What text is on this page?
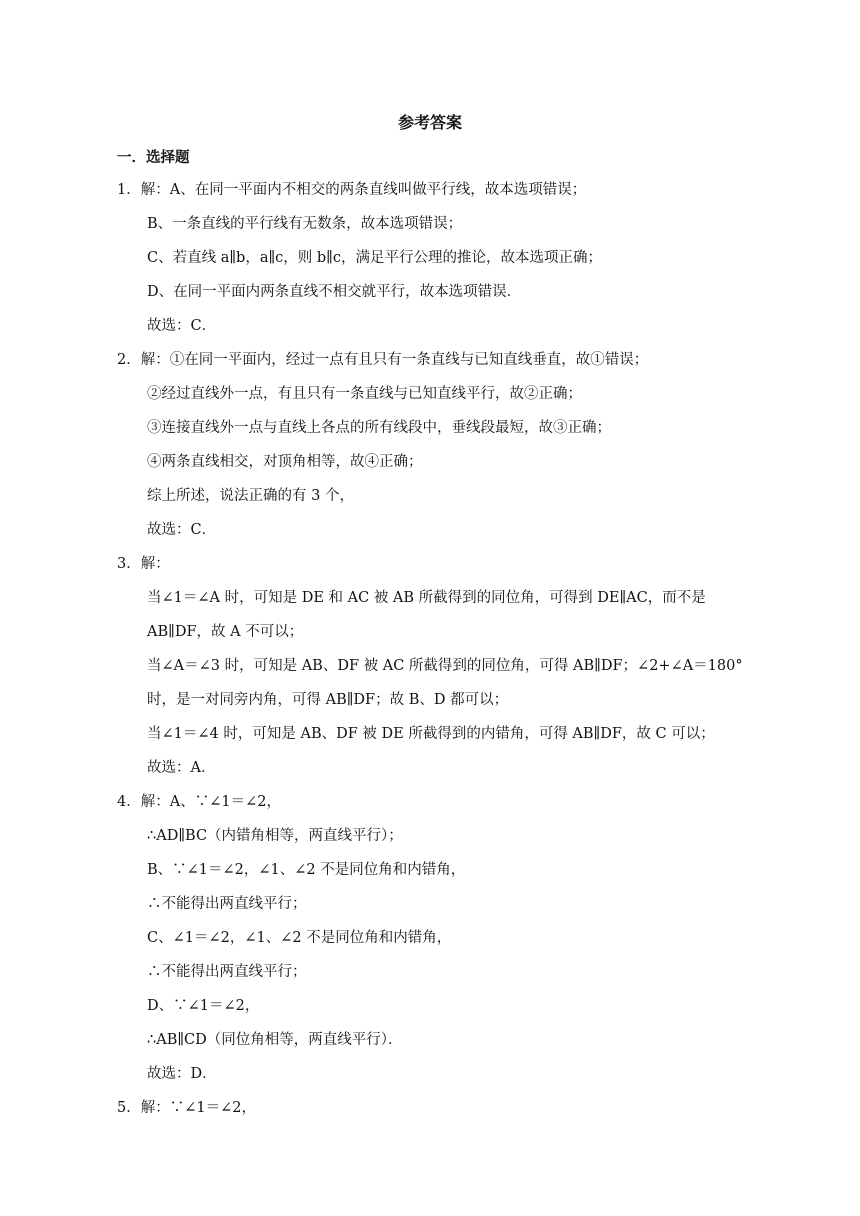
参考答案
一．选择题
1．解：A、在同一平面内不相交的两条直线叫做平行线，故本选项错误；
B、一条直线的平行线有无数条，故本选项错误；
C、若直线 a∥b，a∥c，则 b∥c，满足平行公理的推论，故本选项正确；
D、在同一平面内两条直线不相交就平行，故本选项错误．
故选：C．
2．解：①在同一平面内，经过一点有且只有一条直线与已知直线垂直，故①错误；
②经过直线外一点，有且只有一条直线与已知直线平行，故②正确；
③连接直线外一点与直线上各点的所有线段中，垂线段最短，故③正确；
④两条直线相交，对顶角相等，故④正确；
综上所述，说法正确的有 3 个，
故选：C．
3．解：
当∠1＝∠A 时，可知是 DE 和 AC 被 AB 所截得到的同位角，可得到 DE∥AC，而不是
AB∥DF，故 A 不可以；
当∠A＝∠3 时，可知是 AB、DF 被 AC 所截得到的同位角，可得 AB∥DF；∠2+∠A＝180°
时，是一对同旁内角，可得 AB∥DF；故 B、D 都可以；
当∠1＝∠4 时，可知是 AB、DF 被 DE 所截得到的内错角，可得 AB∥DF，故 C 可以；
故选：A．
4．解：A、∵∠1＝∠2，
∴AD∥BC（内错角相等，两直线平行）；
B、∵∠1＝∠2，∠1、∠2 不是同位角和内错角，
∴不能得出两直线平行；
C、∠1＝∠2，∠1、∠2 不是同位角和内错角，
∴不能得出两直线平行；
D、∵∠1＝∠2，
∴AB∥CD（同位角相等，两直线平行）．
故选：D．
5．解：∵∠1＝∠2，
